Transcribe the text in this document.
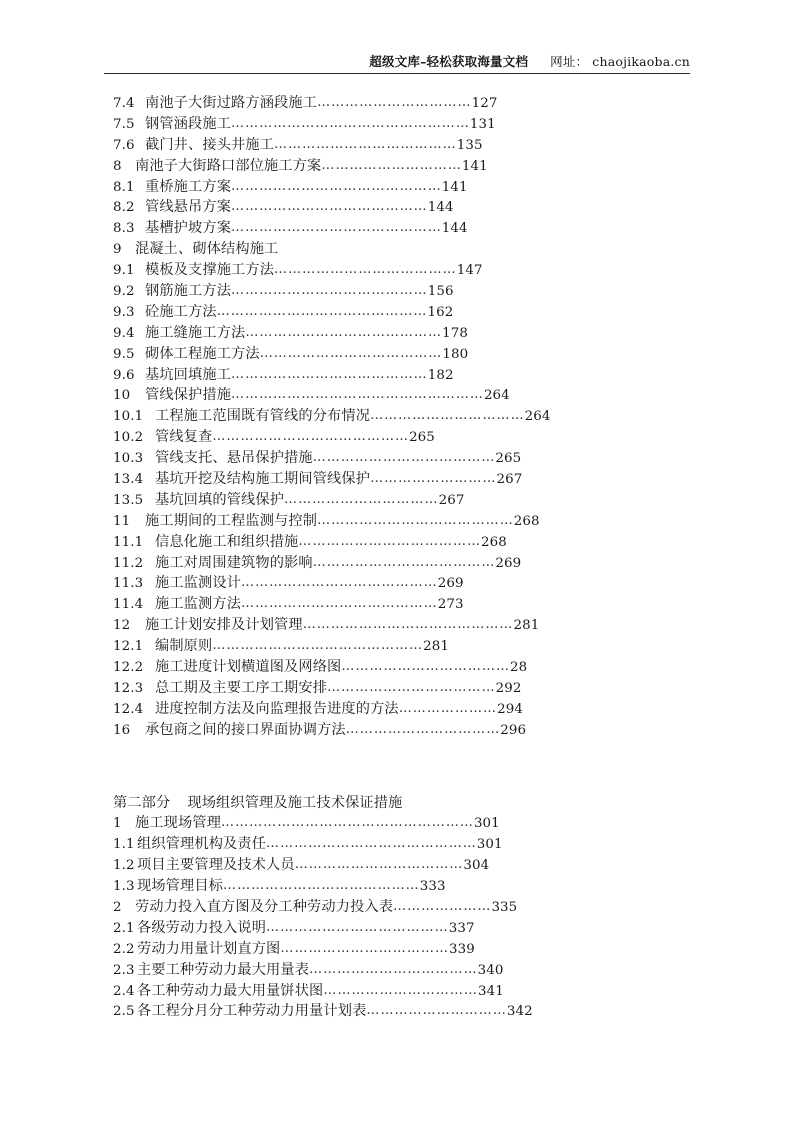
超级文库–轻松获取海量文档 网址： chaojikaoba.cn
7.4 南池子大街过路方涵段施工 …………………………… 127
7.5 钢管涵段施工 …………………………………………… 131
7.6 截门井、接头井施工 ………………………………… 135
8 南池子大街路口部位施工方案 ………………………… 141
8.1 重桥施工方案 ……………………………………… 141
8.2 管线悬吊方案 …………………………………… 144
8.3 基槽护坡方案 ……………………………………… 144
9 混凝土、砌体结构施工
9.1 模板及支撑施工方法 ………………………………… 147
9.2 钢筋施工方法 …………………………………… 156
9.3 砼施工方法 ……………………………………… 162
9.4 施工缝施工方法 …………………………………… 178
9.5 砌体工程施工方法 ………………………………… 180
9.6 基坑回填施工 …………………………………… 182
10	管线保护措施 ……………………………………………… 264
10.1 工程施工范围既有管线的分布情况 …………………………… 264
10.2 管线复查 …………………………………… 265
10.3 管线支托、悬吊保护措施 ………………………………… 265
13.4 基坑开挖及结构施工期间管线保护 ……………………… 267
13.5 基坑回填的管线保护 …………………………… 267
11	施工期间的工程监测与控制 …………………………………… 268
11.1 信息化施工和组织措施 ………………………………… 268
11.2 施工对周围建筑物的影响 ………………………………… 269
11.3 施工监测设计 …………………………………… 269
11.4 施工监测方法 …………………………………… 273
12	施工计划安排及计划管理 ……………………………………… 281
12.1 编制原则 ……………………………………… 281
12.2 施工进度计划横道图及网络图 ……………………………… 28
12.3 总工期及主要工序工期安排 ……………………………… 292
12.4 进度控制方法及向监理报告进度的方法 ………………… 294
16	承包商之间的接口界面协调方法 …………………………… 296
第二部分	现场组织管理及施工技术保证措施
1 施工现场管理 ……………………………………………… 301
1.1 组织管理机构及责任 ……………………………………… 301
1.2 项目主要管理及技术人员 ……………………………… 304
1.3 现场管理目标 …………………………………… 333
2 劳动力投入直方图及分工种劳动力投入表 ………………… 335
2.1 各级劳动力投入说明 ………………………………… 337
2.2 劳动力用量计划直方图 ……………………………… 339
2.3 主要工种劳动力最大用量表 ……………………………… 340
2.4 各工种劳动力最大用量饼状图 …………………………… 341
2.5 各工程分月分工种劳动力用量计划表 ………………………… 342
